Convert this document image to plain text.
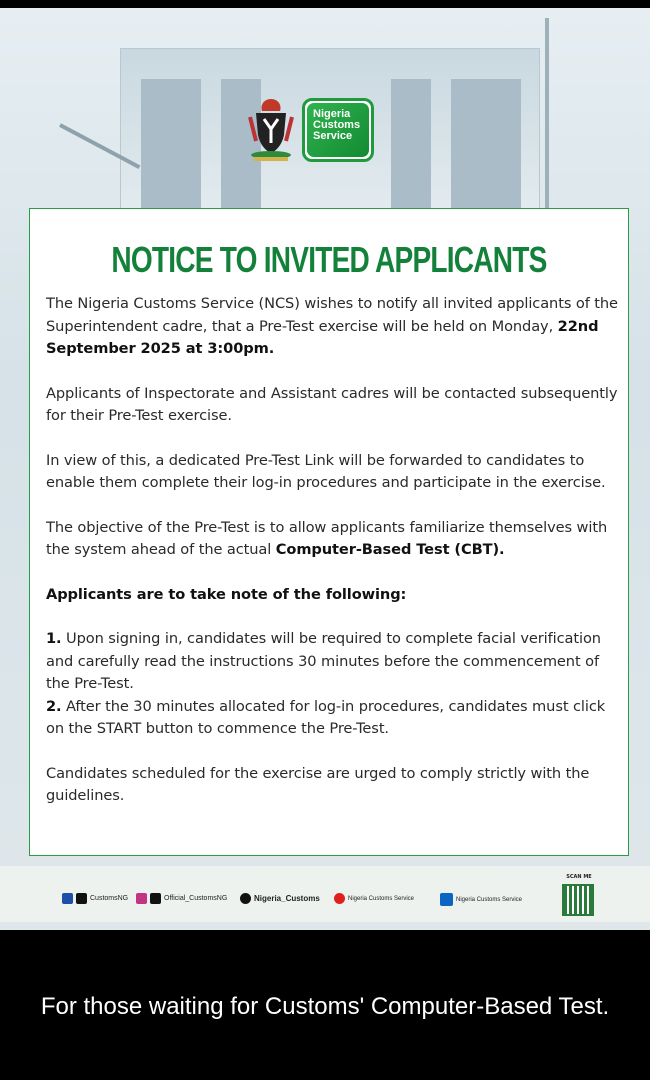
Nigeria
Customs
Service
NOTICE TO INVITED APPLICANTS

The Nigeria Customs Service (NCS) wishes to notify all invited applicants of the Superintendent cadre, that a Pre-Test exercise will be held on Monday, 22nd September 2025 at 3:00pm.

Applicants of Inspectorate and Assistant cadres will be contacted subsequently for their Pre-Test exercise.

In view of this, a dedicated Pre-Test Link will be forwarded to candidates to enable them complete their log-in procedures and participate in the exercise.

The objective of the Pre-Test is to allow applicants familiarize themselves with the system ahead of the actual Computer-Based Test (CBT).

Applicants are to take note of the following:

1. Upon signing in, candidates will be required to complete facial verification and carefully read the instructions 30 minutes before the commencement of the Pre-Test.
2. After the 30 minutes allocated for log-in procedures, candidates must click on the START button to commence the Pre-Test.

Candidates scheduled for the exercise are urged to comply strictly with the guidelines.

CustomsNG	Official_CustomsNG	Nigeria_Customs	Nigeria Customs Service	Nigeria Customs Service
SCAN ME
For those waiting for Customs' Computer-Based Test.
